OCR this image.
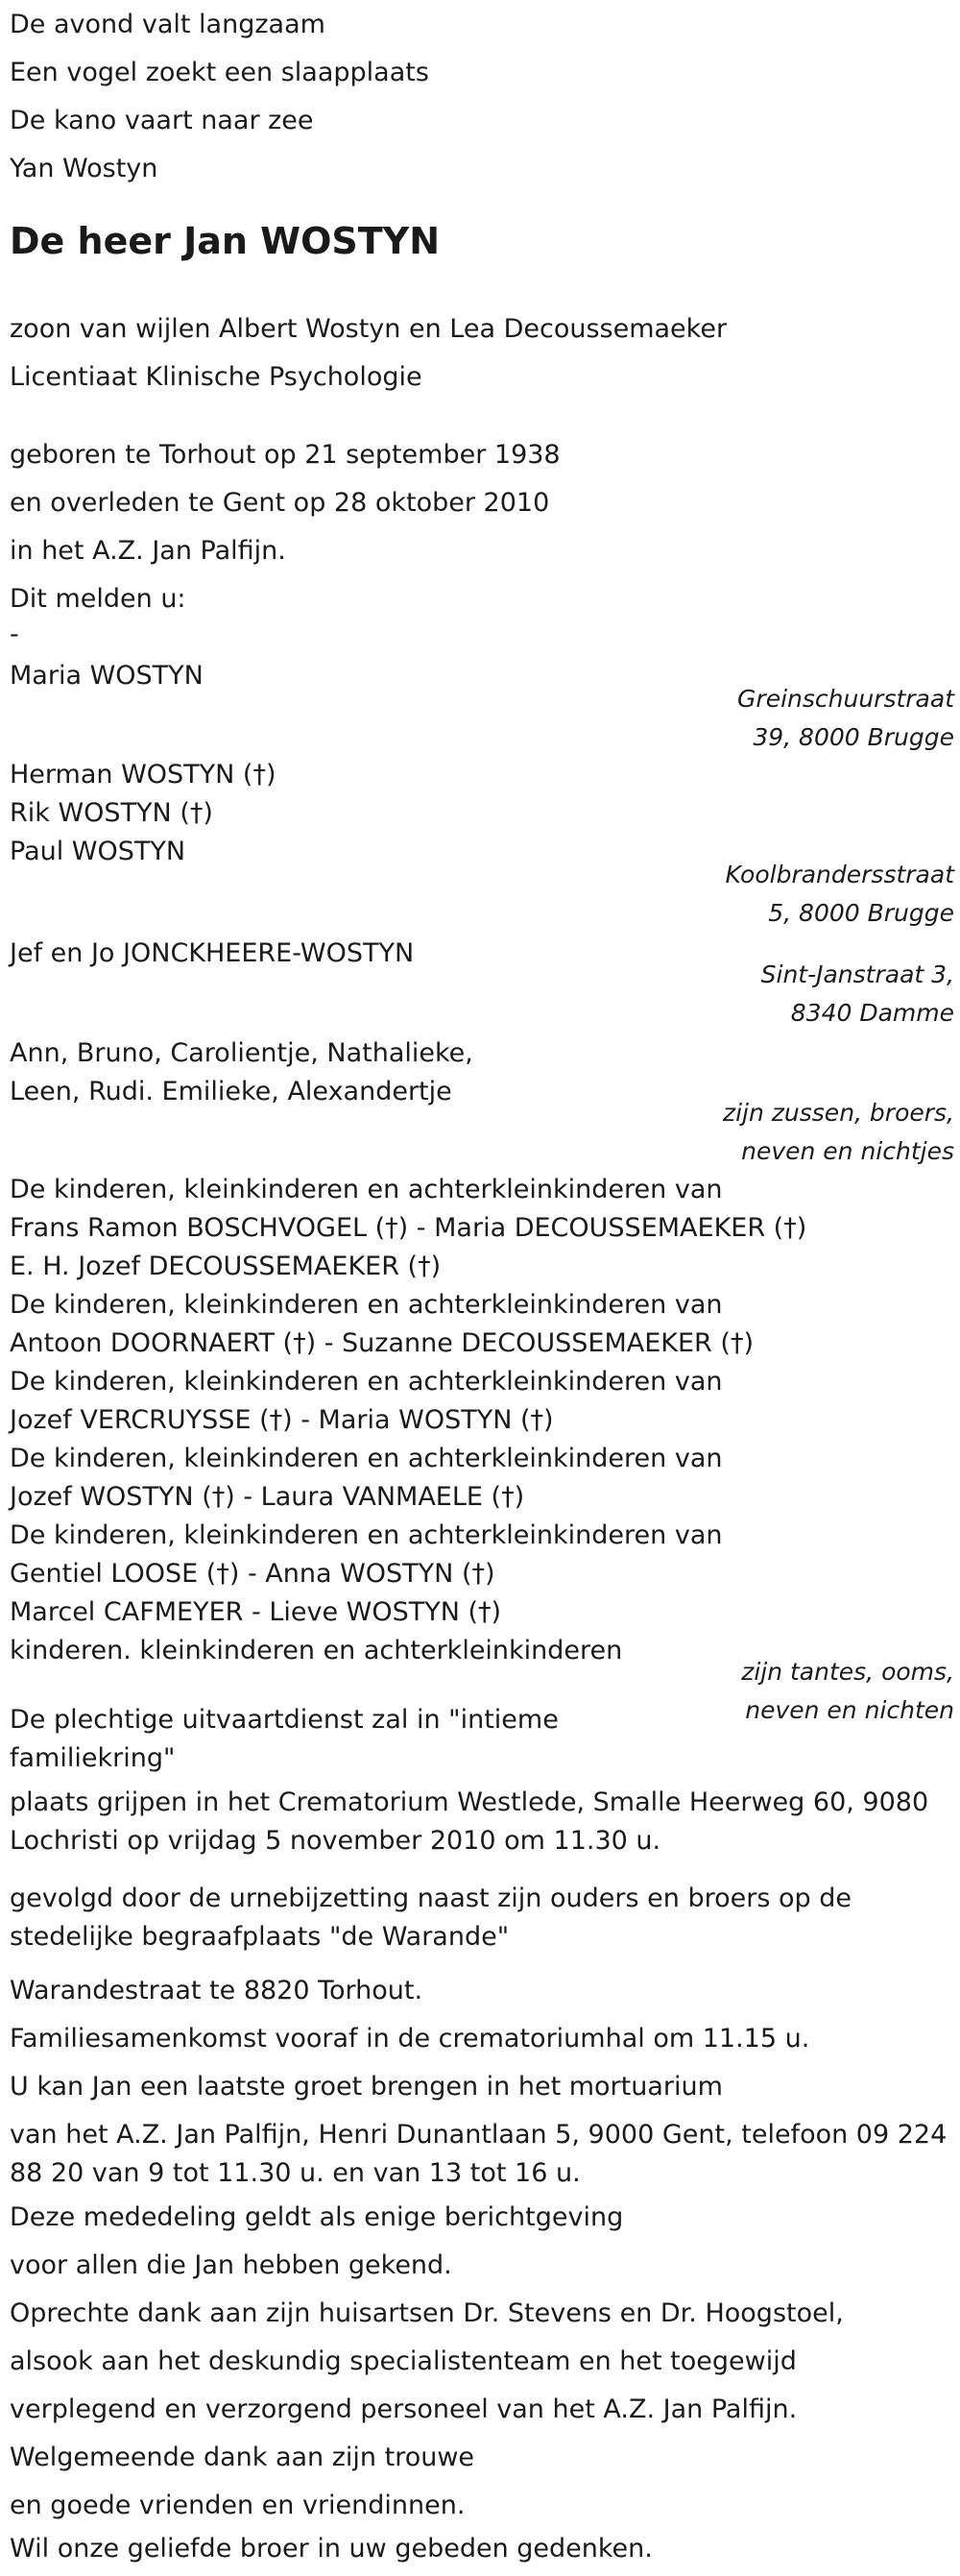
De avond valt langzaam
Een vogel zoekt een slaapplaats
De kano vaart naar zee
Yan Wostyn
De heer Jan WOSTYN
zoon van wijlen Albert Wostyn en Lea Decoussemaeker
Licentiaat Klinische Psychologie
geboren te Torhout op 21 september 1938
en overleden te Gent op 28 oktober 2010
in het A.Z. Jan Palfijn.
Dit melden u:
-
Maria WOSTYN
Greinschuurstraat
39, 8000 Brugge
Herman WOSTYN (†)
Rik WOSTYN (†)
Paul WOSTYN
Koolbrandersstraat
5, 8000 Brugge
Jef en Jo JONCKHEERE-WOSTYN
Sint-Janstraat 3,
8340 Damme
Ann, Bruno, Carolientje, Nathalieke,
Leen, Rudi. Emilieke, Alexandertje
zijn zussen, broers,
neven en nichtjes
De kinderen, kleinkinderen en achterkleinkinderen van
Frans Ramon BOSCHVOGEL (†) - Maria DECOUSSEMAEKER (†)
E. H. Jozef DECOUSSEMAEKER (†)
De kinderen, kleinkinderen en achterkleinkinderen van
Antoon DOORNAERT (†) - Suzanne DECOUSSEMAEKER (†)
De kinderen, kleinkinderen en achterkleinkinderen van
Jozef VERCRUYSSE (†) - Maria WOSTYN (†)
De kinderen, kleinkinderen en achterkleinkinderen van
Jozef WOSTYN (†) - Laura VANMAELE (†)
De kinderen, kleinkinderen en achterkleinkinderen van
Gentiel LOOSE (†) - Anna WOSTYN (†)
Marcel CAFMEYER - Lieve WOSTYN (†)
kinderen. kleinkinderen en achterkleinkinderen
zijn tantes, ooms,
neven en nichten
De plechtige uitvaartdienst zal in "intieme familiekring"
plaats grijpen in het Crematorium Westlede, Smalle Heerweg 60, 9080 Lochristi op vrijdag 5 november 2010 om 11.30 u.
gevolgd door de urnebijzetting naast zijn ouders en broers op de stedelijke begraafplaats "de Warande"
Warandestraat te 8820 Torhout.
Familiesamenkomst vooraf in de crematoriumhal om 11.15 u.
U kan Jan een laatste groet brengen in het mortuarium
van het A.Z. Jan Palfijn, Henri Dunantlaan 5, 9000 Gent, telefoon 09 224 88 20 van 9 tot 11.30 u. en van 13 tot 16 u.
Deze mededeling geldt als enige berichtgeving
voor allen die Jan hebben gekend.
Oprechte dank aan zijn huisartsen Dr. Stevens en Dr. Hoogstoel,
alsook aan het deskundig specialistenteam en het toegewijd
verplegend en verzorgend personeel van het A.Z. Jan Palfijn.
Welgemeende dank aan zijn trouwe
en goede vrienden en vriendinnen.
Wil onze geliefde broer in uw gebeden gedenken.
